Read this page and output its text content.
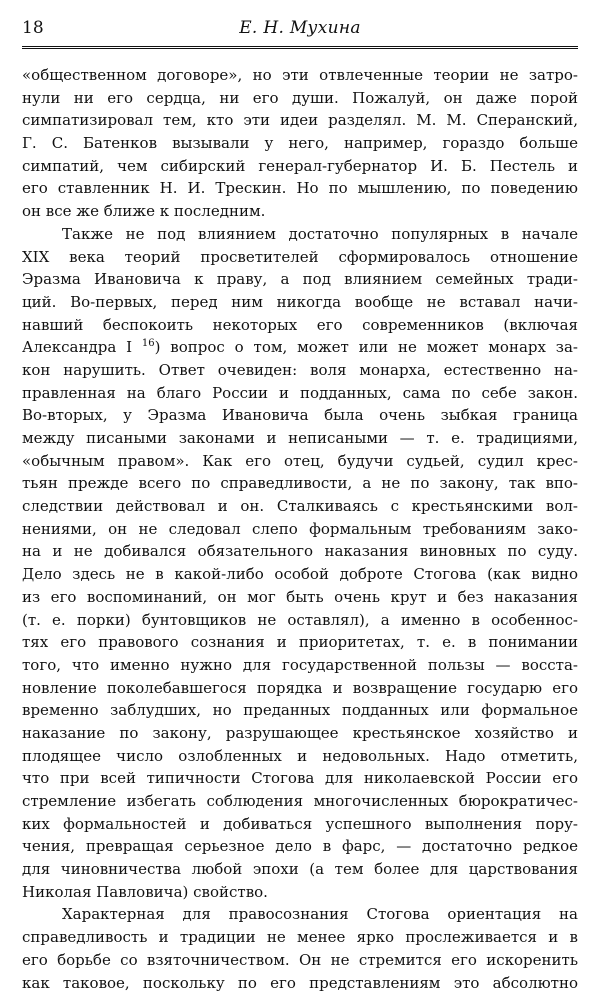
18	Е. Н. Мухина
«общественном договоре», но эти отвлеченные теории не затро-
нули ни его сердца, ни его души. Пожалуй, он даже порой
симпатизировал тем, кто эти идеи разделял. М. М. Сперанский,
Г. С. Батенков вызывали у него, например, гораздо больше
симпатий, чем сибирский генерал-губернатор И. Б. Пестель и
его ставленник Н. И. Трескин. Но по мышлению, по поведению
он все же ближе к последним.
Также не под влиянием достаточно популярных в начале
XIX века теорий просветителей сформировалось отношение
Эразма Ивановича к праву, а под влиянием семейных тради-
ций. Во-первых, перед ним никогда вообще не вставал начи-
навший беспокоить некоторых его современников (включая
Александра I $^{16}$) вопрос о том, может или не может монарх за-
кон нарушить. Ответ очевиден: воля монарха, естественно на-
правленная на благо России и подданных, сама по себе закон.
Во-вторых, у Эразма Ивановича была очень зыбкая граница
между писаными законами и неписаными — т. е. традициями,
«обычным правом». Как его отец, будучи судьей, судил крес-
тьян прежде всего по справедливости, а не по закону, так впо-
следствии действовал и он. Сталкиваясь с крестьянскими вол-
нениями, он не следовал слепо формальным требованиям зако-
на и не добивался обязательного наказания виновных по суду.
Дело здесь не в какой-либо особой доброте Стогова (как видно
из его воспоминаний, он мог быть очень крут и без наказания
(т. е. порки) бунтовщиков не оставлял), а именно в особеннос-
тях его правового сознания и приоритетах, т. е. в понимании
того, что именно нужно для государственной пользы — восста-
новление поколебавшегося порядка и возвращение государю его
временно заблудших, но преданных подданных или формальное
наказание по закону, разрушающее крестьянское хозяйство и
плодящее число озлобленных и недовольных. Надо отметить,
что при всей типичности Стогова для николаевской России его
стремление избегать соблюдения многочисленных бюрократичес-
ких формальностей и добиваться успешного выполнения пору-
чения, превращая серьезное дело в фарс, — достаточно редкое
для чиновничества любой эпохи (а тем более для царствования
Николая Павловича) свойство.
Характерная для правосознания Стогова ориентация на
справедливость и традиции не менее ярко прослеживается и в
его борьбе со взяточничеством. Он не стремится его искоренить
как таковое, поскольку по его представлениям это абсолютно
